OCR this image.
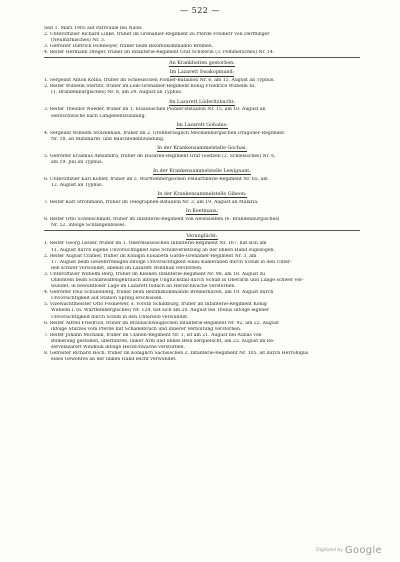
— 522 —
Seit 1. März 1905 auf Patrouille bei Naob:
2. Unteroffizier Richard Linke, früher im Grenadier-Regiment zu Pferde Freiherr von Derfflinger
(Neumärkisches) Nr. 3.
3. Gefreiter Dietrich Hoßmeyer, früher beim Bezirkskommando Bremen.
4. Reiter Hermann Dreger, früher im Infanterie-Regiment Graf Schwerin (3. Pommersches) Nr. 14.
An Krankheiten gestorben:
Im Lazarett Swakopmund:
1. Sergeant Anton Kolba, früher im Schlesischen Pionier-Bataillon Nr. 6, am 15. August an Typhus.
2. Reiter Wilhelm Sterntz, früher im Leib-Grenadier-Regiment König Friedrich Wilhelm III.
(1. Brandenburgisches) Nr. 8, am 24. August an Typhus.
Im Lazarett Lüderitzbucht:
3. Reiter Theodor Noeder, früher im 1. Elsässischen Pionier-Bataillon Nr. 15, am 10. August an
Herzschwäche nach Lungenentzündung.
Im Lazarett Gobabis:
4. Sergeant Wilhelm Stolzenhain, früher im 2. Großherzoglich Mecklenburgischen Dragoner-Regiment
Nr. 18, an Blinddarm- und Bauchfellentzündung.
In der Krankensammelstelle Gochas:
5. Gefreiter Erasmus Alexandra, früher im Husaren-Regiment Graf Goetzen (2. Schlesisches) Nr. 6,
am 19. Juli an Typhus.
In der Krankensammelstelle Lewignant:
6. Unteroffizier Karl Köhler, früher im 3. Württembergischen Feldartillerie-Regiment Nr. 65, am
12. August an Typhus.
In der Krankensammelstelle Gibeon:
7. Reiter Karl Strohmann, früher im Telegraphen-Bataillon Nr. 3, am 19. August an Malaria.
In Keetmans:
8. Reiter Otto Schellschmidt, früher im Infanterie-Regiment von Alvensleben (6. Brandenburgisches)
Nr. 52, infolge Schlangenbisses.
Verunglückt:
1. Reiter Georg Lesser, früher im 1. Oberelsässischen Infanterie-Regiment Nr. 167, hat sich am
11. August durch eigene Unvorsichtigkeit eine Schußverletzung an der linken Hand zugezogen.
2. Reiter August Cramer, früher im Königin Elisabeth Garde-Grenadier-Regiment Nr. 3, am
17. August beim Gewehrreinigen infolge Unvorsichtigkeit eines Kameraden durch Schuß in den Unter-
leib schwer verwundet, abends im Lazarett Windhuk verstorben.
3. Unteroffizier Wilhelm Berg, früher im Kleinen Infanterie-Regiment Nr. 98, am 18. August zu
Olifontein beim Schußwaffengebrauch infolge Unglücksfall durch Schuß in Oberarm und Lunge schwer ver-
wundet, in bewußtloser Lage im Lazarett tödlich an Herzschwäche verstorben.
4. Gefreiter Paul Schulenberg, früher beim Bezirkskommando Bremerhaven, am 19. August durch
Unvorsichtigkeit auf Station Spring erschossen.
5. Vizewachtmeister Otto Fosniewer, s. Vorstb Schildburg, früher im Infanterie-Regiment König
Wilhelm I. (6. Württembergisches) Nr. 124, hat sich am 20. August bei Thunis infolge eigener
Unvorsichtigkeit durch Schuß in den Unterleib verwundet.
6. Reiter Alfred Friedrich, früher im Braunschweigischen Infanterie-Regiment Nr. 92, am 22. August
infolge Sturzes vom Pferde mit Schädelbruch und innerer Verblutung verstorben.
7. Reiter Johann Michalik, früher im Ulanen-Regiment Nr. 1, ist am 21. August bei Aubas von
Bumerang gestoßen, überfahren, linker Arm und linkes Bein zerquetscht, am 22. August im Re-
servelazarett Windhuk infolge Herzschwäche verstorben.
8. Gefreiter Richard Hoch, früher im Königlich Sächsischen 2. Infanterie-Regiment Nr. 105, ist durch Herrohlgus
eines Gewehres an der linken Hand leicht verwundet.
Digitized by Google
